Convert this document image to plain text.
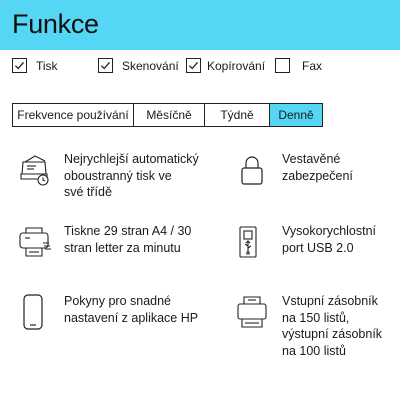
Funkce
Tisk	Skenování Kopírování	Fax
Frekvence používání	Měsíčně	Týdně	Denně
Nejrychlejší automatický
oboustranný tisk ve
své třídě
Vestavěné
zabezpečení
Tiskne 29 stran A4 / 30
stran letter za minutu
Vysokorychlostní
port USB 2.0
Pokyny pro snadné
nastavení z aplikace HP
Vstupní zásobník
na 150 listů,
výstupní zásobník
na 100 listů
